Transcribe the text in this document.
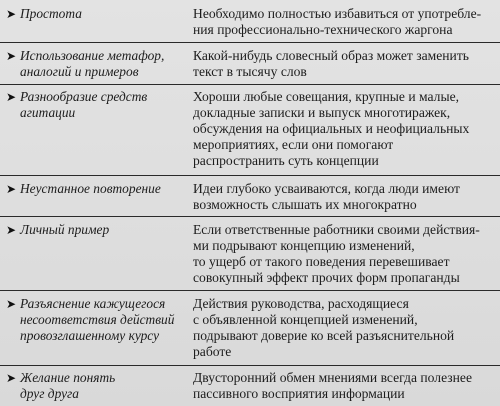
➤ Простота	Необходимо полностью избавиться от употребле-
ния профессионально-технического жаргона
➤ Использование метафор,
аналогий и примеров
Какой-нибудь словесный образ может заменить
текст в тысячу слов
➤ Разнообразие средств
агитации
Хороши любые совещания, крупные и малые,
докладные записки и выпуск многотиражек,
обсуждения на официальных и неофициальных
мероприятиях, если они помогают
распространить суть концепции
➤ Неустанное повторение Идеи глубоко усваиваются, когда люди имеют
возможность слышать их многократно
➤ Личный пример	Если ответственные работники своими действия-
ми подрывают концепцию изменений,
то ущерб от такого поведения перевешивает
совокупный эффект прочих форм пропаганды
➤ Разъяснение кажущегося
несоответствия действий
провозглашенному курсу
Действия руководства, расходящиеся
с объявленной концепцией изменений,
подрывают доверие ко всей разъяснительной
работе
➤ Желание понять
друг друга
Двусторонний обмен мнениями всегда полезнее
пассивного восприятия информации
